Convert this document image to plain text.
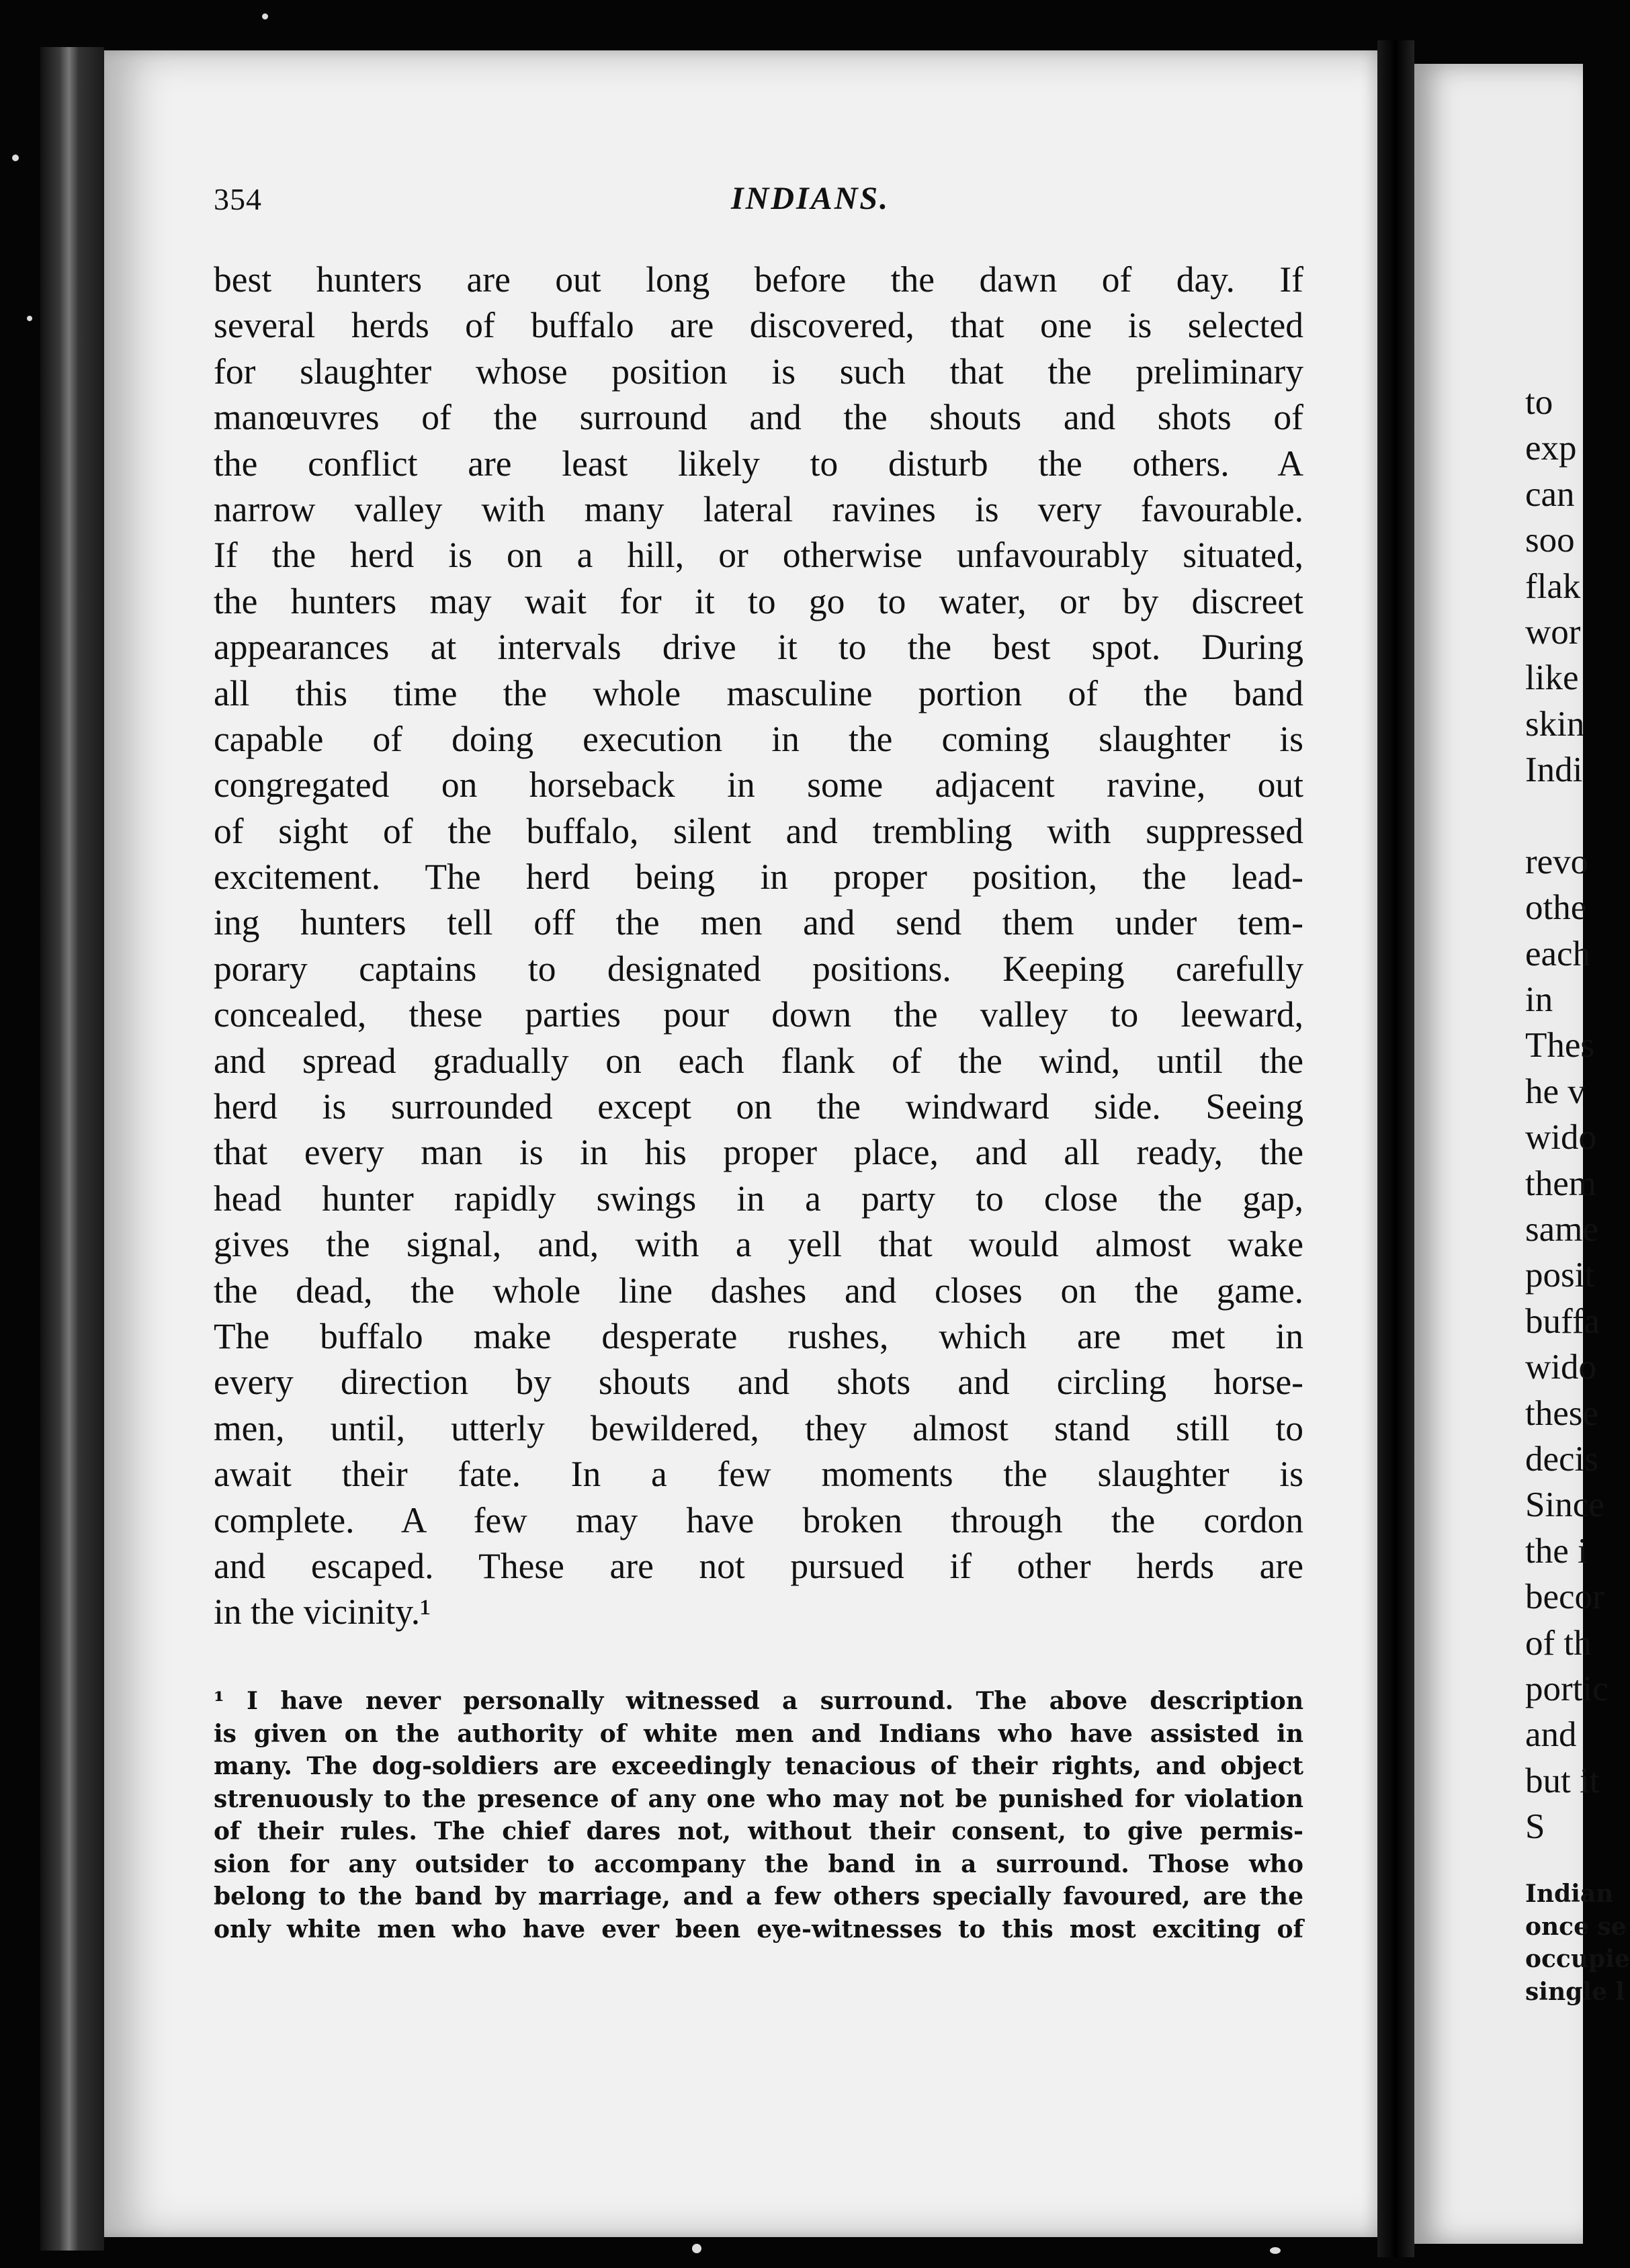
354	INDIANS.
best hunters are out long before the dawn of day. If
several herds of buffalo are discovered, that one is selected
for slaughter whose position is such that the preliminary
manœuvres of the surround and the shouts and shots of
the conflict are least likely to disturb the others. A
narrow valley with many lateral ravines is very favourable.
If the herd is on a hill, or otherwise unfavourably situated,
the hunters may wait for it to go to water, or by discreet
appearances at intervals drive it to the best spot. During
all this time the whole masculine portion of the band
capable of doing execution in the coming slaughter is
congregated on horseback in some adjacent ravine, out
of sight of the buffalo, silent and trembling with suppressed
excitement. The herd being in proper position, the lead-
ing hunters tell off the men and send them under tem-
porary captains to designated positions. Keeping carefully
concealed, these parties pour down the valley to leeward,
and spread gradually on each flank of the wind, until the
herd is surrounded except on the windward side. Seeing
that every man is in his proper place, and all ready, the
head hunter rapidly swings in a party to close the gap,
gives the signal, and, with a yell that would almost wake
the dead, the whole line dashes and closes on the game.
The buffalo make desperate rushes, which are met in
every direction by shouts and shots and circling horse-
men, until, utterly bewildered, they almost stand still to
await their fate. In a few moments the slaughter is
complete. A few may have broken through the cordon
and escaped. These are not pursued if other herds are
in the vicinity.¹
¹ I have never personally witnessed a surround. The above description
is given on the authority of white men and Indians who have assisted in
many. The dog-soldiers are exceedingly tenacious of their rights, and object
strenuously to the presence of any one who may not be punished for violation
of their rules. The chief dares not, without their consent, to give permis-
sion for any outsider to accompany the band in a surround. Those who
belong to the band by marriage, and a few others specially favoured, are the
only white men who have ever been eye-witnesses to this most exciting of
to
exp
can
soo
flak
wor
like
skin
Indi
revo
othe
each
in
Thes
he v
wido
them
same
posit
buffa
wido
these
decis
Since
the i
becor
of th
portic
and
but it
S
Indian
once se
occupie
single l
